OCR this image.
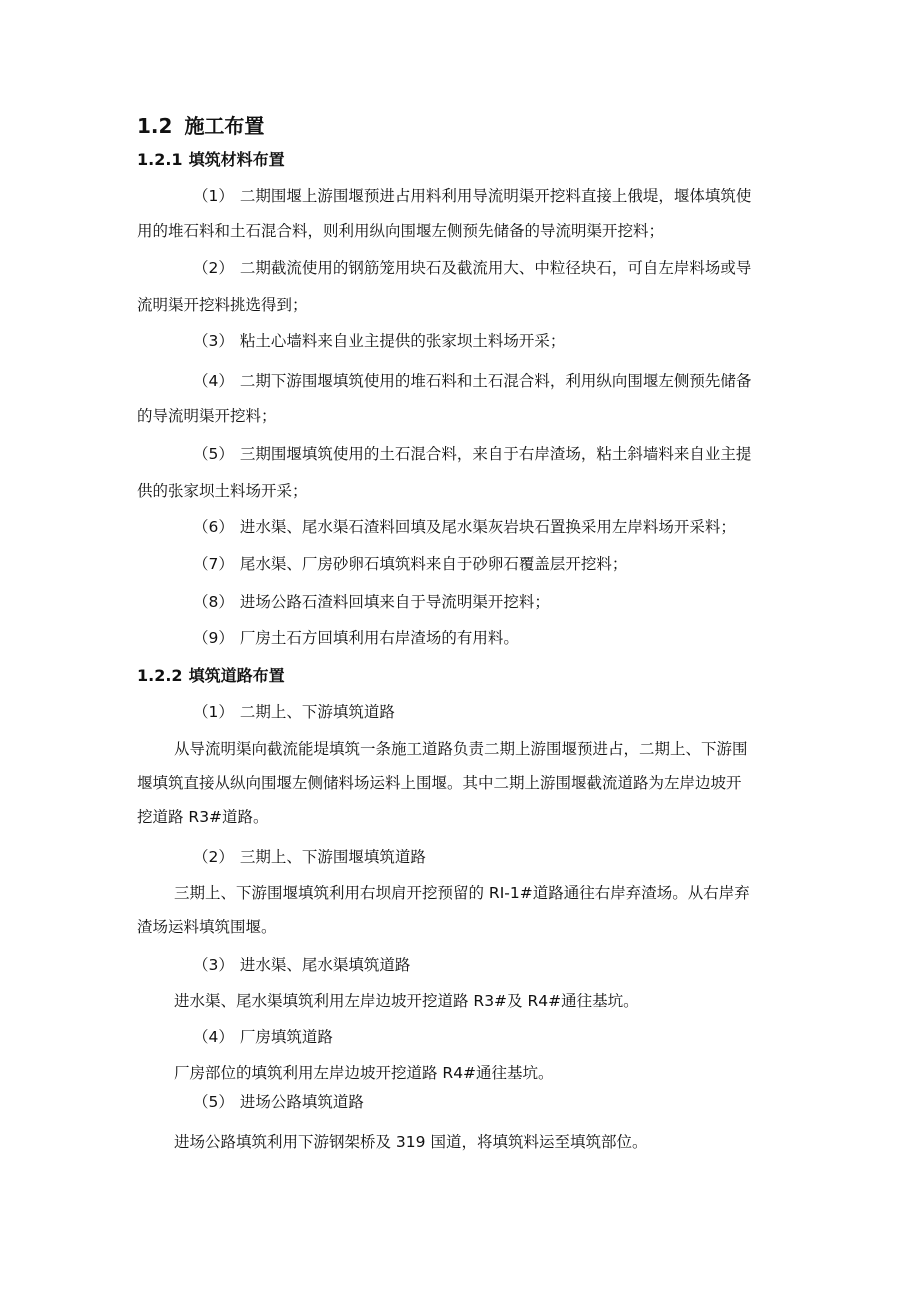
1.2 施工布置
1.2.1 填筑材料布置
（1） 二期围堰上游围堰预进占用料利用导流明渠开挖料直接上俄堤，堰体填筑使
用的堆石料和土石混合料，则利用纵向围堰左侧预先储备的导流明渠开挖料；
（2） 二期截流使用的钢筋笼用块石及截流用大、中粒径块石，可自左岸料场或导
流明渠开挖料挑选得到；
（3） 粘土心墙料来自业主提供的张家坝土料场开采；
（4） 二期下游围堰填筑使用的堆石料和土石混合料，利用纵向围堰左侧预先储备
的导流明渠开挖料；
（5） 三期围堰填筑使用的土石混合料，来自于右岸渣场，粘土斜墙料来自业主提
供的张家坝土料场开采；
（6） 进水渠、尾水渠石渣料回填及尾水渠灰岩块石置换采用左岸料场开采料；
（7） 尾水渠、厂房砂卵石填筑料来自于砂卵石覆盖层开挖料；
（8） 进场公路石渣料回填来自于导流明渠开挖料；
（9） 厂房土石方回填利用右岸渣场的有用料。
1.2.2 填筑道路布置
（1） 二期上、下游填筑道路
从导流明渠向截流能堤填筑一条施工道路负责二期上游围堰预进占，二期上、下游围
堰填筑直接从纵向围堰左侧储料场运料上围堰。其中二期上游围堰截流道路为左岸边坡开
挖道路 R3#道路。
（2） 三期上、下游围堰填筑道路
三期上、下游围堰填筑利用右坝肩开挖预留的 RI-1#道路通往右岸弃渣场。从右岸弃
渣场运料填筑围堰。
（3） 进水渠、尾水渠填筑道路
进水渠、尾水渠填筑利用左岸边坡开挖道路 R3#及 R4#通往基坑。
（4） 厂房填筑道路
厂房部位的填筑利用左岸边坡开挖道路 R4#通往基坑。
（5） 进场公路填筑道路
进场公路填筑利用下游钢架桥及 319 国道，将填筑料运至填筑部位。
